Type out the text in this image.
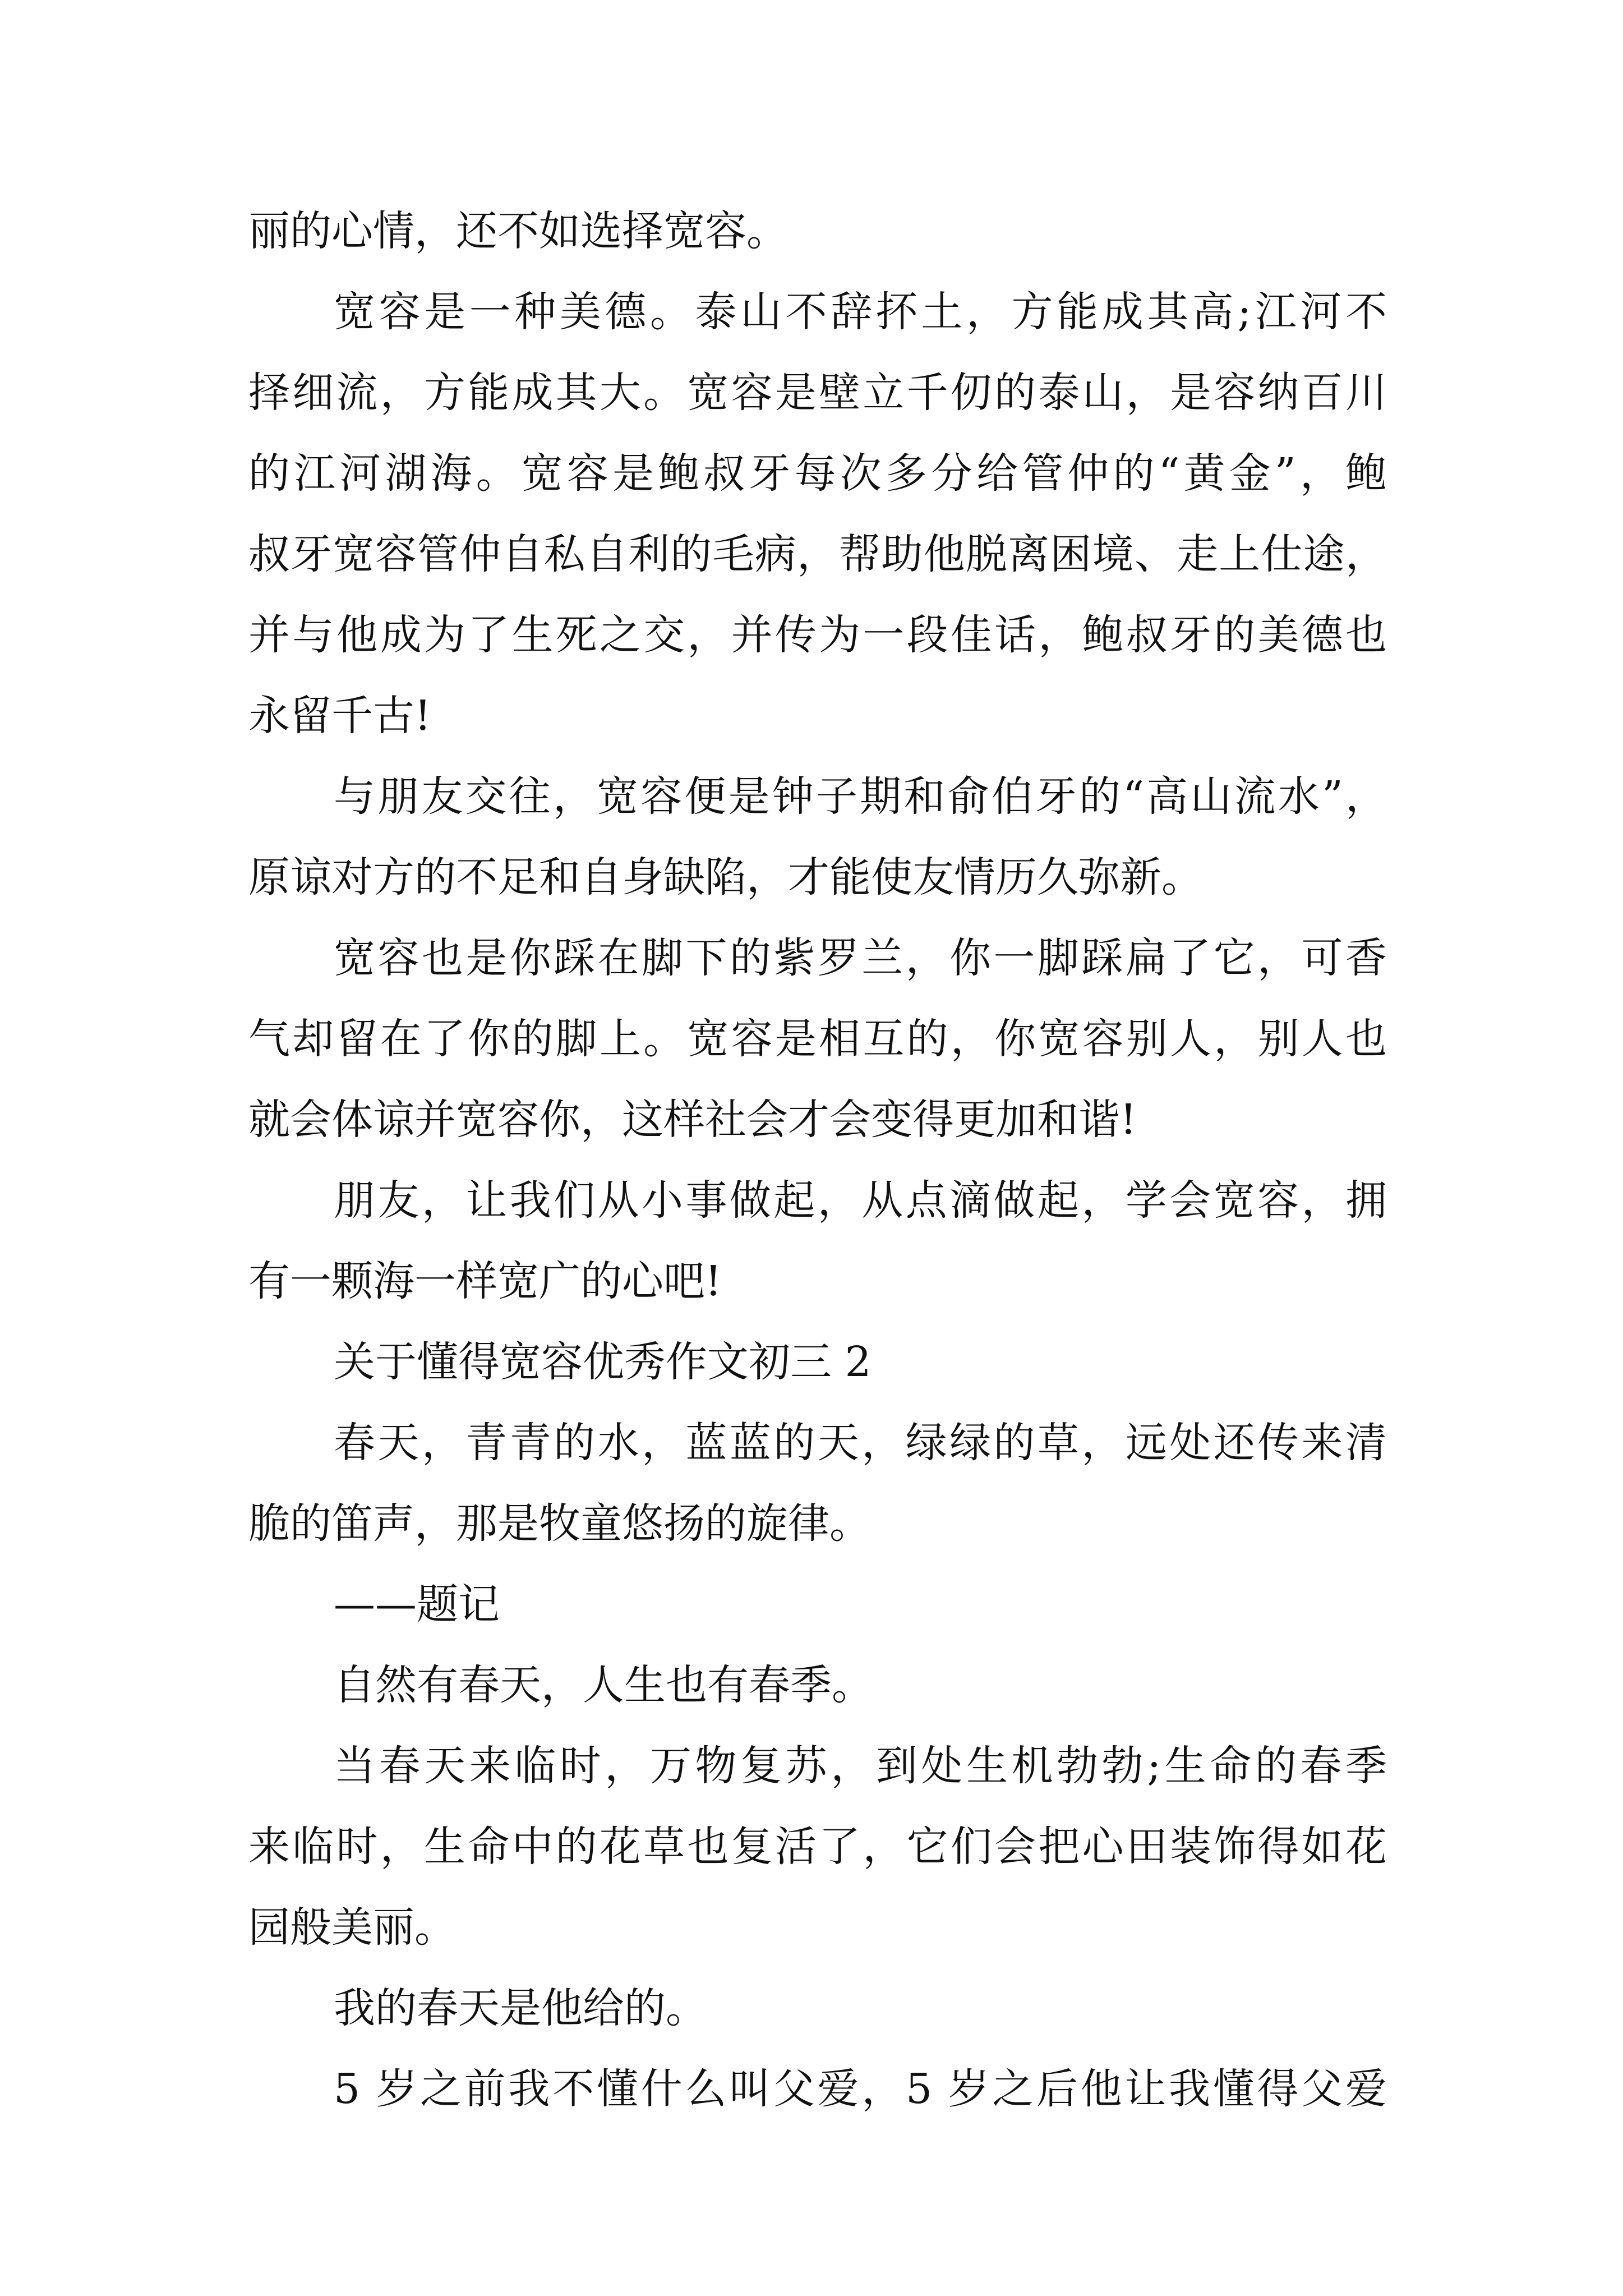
丽的心情，还不如选择宽容。
宽容是一种美德。泰山不辞抔土，方能成其高;江河不
择细流，方能成其大。宽容是壁立千仞的泰山，是容纳百川
的江河湖海。宽容是鲍叔牙每次多分给管仲的“黄金”，鲍
叔牙宽容管仲自私自利的毛病，帮助他脱离困境、走上仕途，
并与他成为了生死之交，并传为一段佳话，鲍叔牙的美德也
永留千古!
与朋友交往，宽容便是钟子期和俞伯牙的“高山流水”，
原谅对方的不足和自身缺陷，才能使友情历久弥新。
宽容也是你踩在脚下的紫罗兰，你一脚踩扁了它，可香
气却留在了你的脚上。宽容是相互的，你宽容别人，别人也
就会体谅并宽容你，这样社会才会变得更加和谐!
朋友，让我们从小事做起，从点滴做起，学会宽容，拥
有一颗海一样宽广的心吧!
关于懂得宽容优秀作文初三 2
春天，青青的水，蓝蓝的天，绿绿的草，远处还传来清
脆的笛声，那是牧童悠扬的旋律。
——题记
自然有春天，人生也有春季。
当春天来临时，万物复苏，到处生机勃勃;生命的春季
来临时，生命中的花草也复活了，它们会把心田装饰得如花
园般美丽。
我的春天是他给的。
5 岁之前我不懂什么叫父爱，5 岁之后他让我懂得父爱
